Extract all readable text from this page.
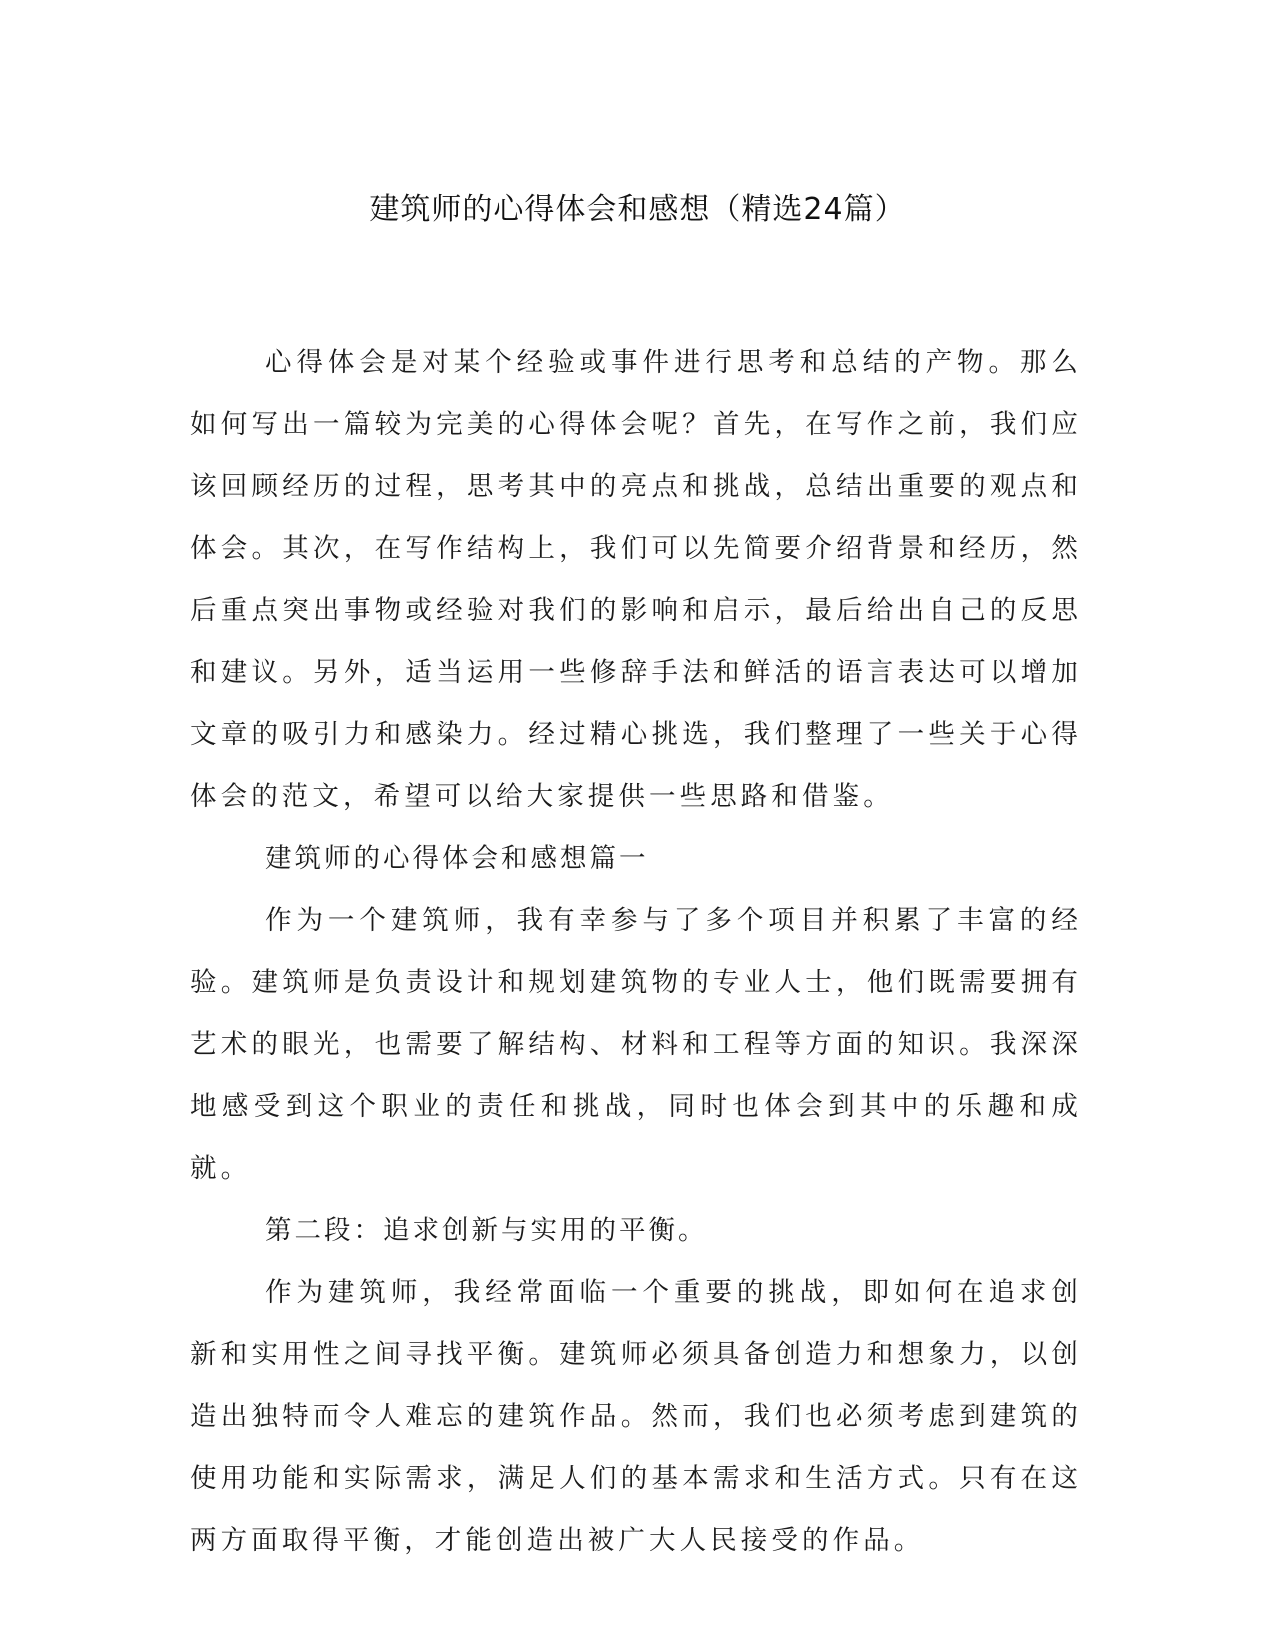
建筑师的心得体会和感想（精选24篇）

心得体会是对某个经验或事件进行思考和总结的产物。那么如何写出一篇较为完美的心得体会呢？首先，在写作之前，我们应该回顾经历的过程，思考其中的亮点和挑战，总结出重要的观点和体会。其次，在写作结构上，我们可以先简要介绍背景和经历，然后重点突出事物或经验对我们的影响和启示，最后给出自己的反思和建议。另外，适当运用一些修辞手法和鲜活的语言表达可以增加文章的吸引力和感染力。经过精心挑选，我们整理了一些关于心得体会的范文，希望可以给大家提供一些思路和借鉴。

建筑师的心得体会和感想篇一

作为一个建筑师，我有幸参与了多个项目并积累了丰富的经验。建筑师是负责设计和规划建筑物的专业人士，他们既需要拥有艺术的眼光，也需要了解结构、材料和工程等方面的知识。我深深地感受到这个职业的责任和挑战，同时也体会到其中的乐趣和成就。

第二段：追求创新与实用的平衡。

作为建筑师，我经常面临一个重要的挑战，即如何在追求创新和实用性之间寻找平衡。建筑师必须具备创造力和想象力，以创造出独特而令人难忘的建筑作品。然而，我们也必须考虑到建筑的使用功能和实际需求，满足人们的基本需求和生活方式。只有在这两方面取得平衡，才能创造出被广大人民接受的作品。
